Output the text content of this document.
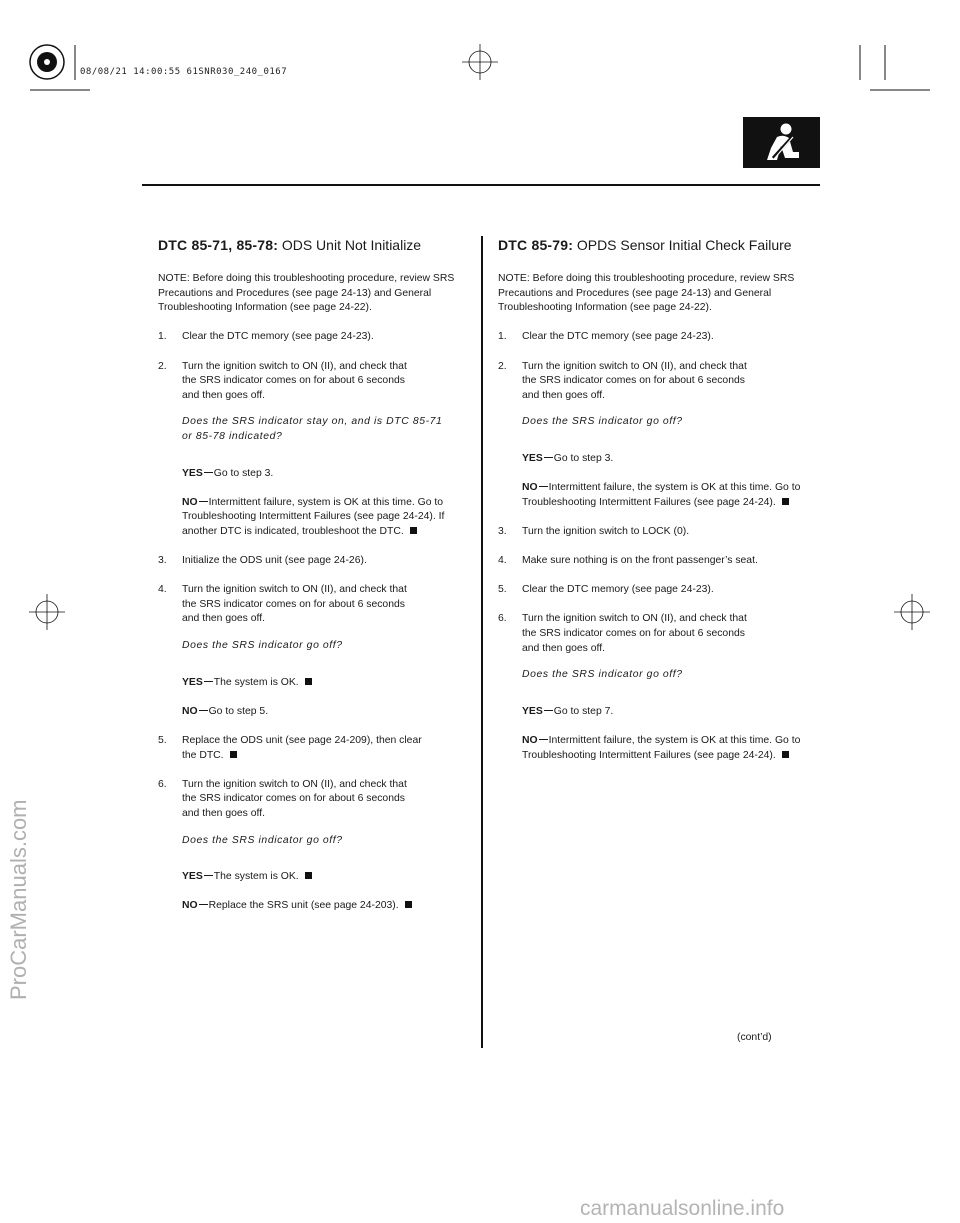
08/08/21 14:00:55 61SNR030_240_0167
DTC 85-71, 85-78: ODS Unit Not Initialize
NOTE: Before doing this troubleshooting procedure, review SRS Precautions and Procedures (see page 24-13) and General Troubleshooting Information (see page 24-22).
1. Clear the DTC memory (see page 24-23).
2. Turn the ignition switch to ON (II), and check that
the SRS indicator comes on for about 6 seconds
and then goes off.
Does the SRS indicator stay on, and is DTC 85-71
or 85-78 indicated?
YES Go to step 3.
NO Intermittent failure, system is OK at this time. Go to Troubleshooting Intermittent Failures (see page 24-24). If another DTC is indicated, troubleshoot the DTC.
3. Initialize the ODS unit (see page 24-26).
4. Turn the ignition switch to ON (II), and check that
the SRS indicator comes on for about 6 seconds
and then goes off.
Does the SRS indicator go off?
YES The system is OK.
NO Go to step 5.
5. Replace the ODS unit (see page 24-209), then clear
the DTC.
6. Turn the ignition switch to ON (II), and check that
the SRS indicator comes on for about 6 seconds
and then goes off.
Does the SRS indicator go off?
YES The system is OK.
NO Replace the SRS unit (see page 24-203).
DTC 85-79: OPDS Sensor Initial Check Failure
NOTE: Before doing this troubleshooting procedure, review SRS Precautions and Procedures (see page 24-13) and General Troubleshooting Information (see page 24-22).
1. Clear the DTC memory (see page 24-23).
2. Turn the ignition switch to ON (II), and check that
the SRS indicator comes on for about 6 seconds
and then goes off.
Does the SRS indicator go off?
YES Go to step 3.
NO Intermittent failure, the system is OK at this time. Go to Troubleshooting Intermittent Failures (see page 24-24).
3. Turn the ignition switch to LOCK (0).
4. Make sure nothing is on the front passenger’s seat.
5. Clear the DTC memory (see page 24-23).
6. Turn the ignition switch to ON (II), and check that
the SRS indicator comes on for about 6 seconds
and then goes off.
Does the SRS indicator go off?
YES Go to step 7.
NO Intermittent failure, the system is OK at this time. Go to Troubleshooting Intermittent Failures (see page 24-24).
(cont’d)
ProCarManuals.com
carmanualsonline.info
